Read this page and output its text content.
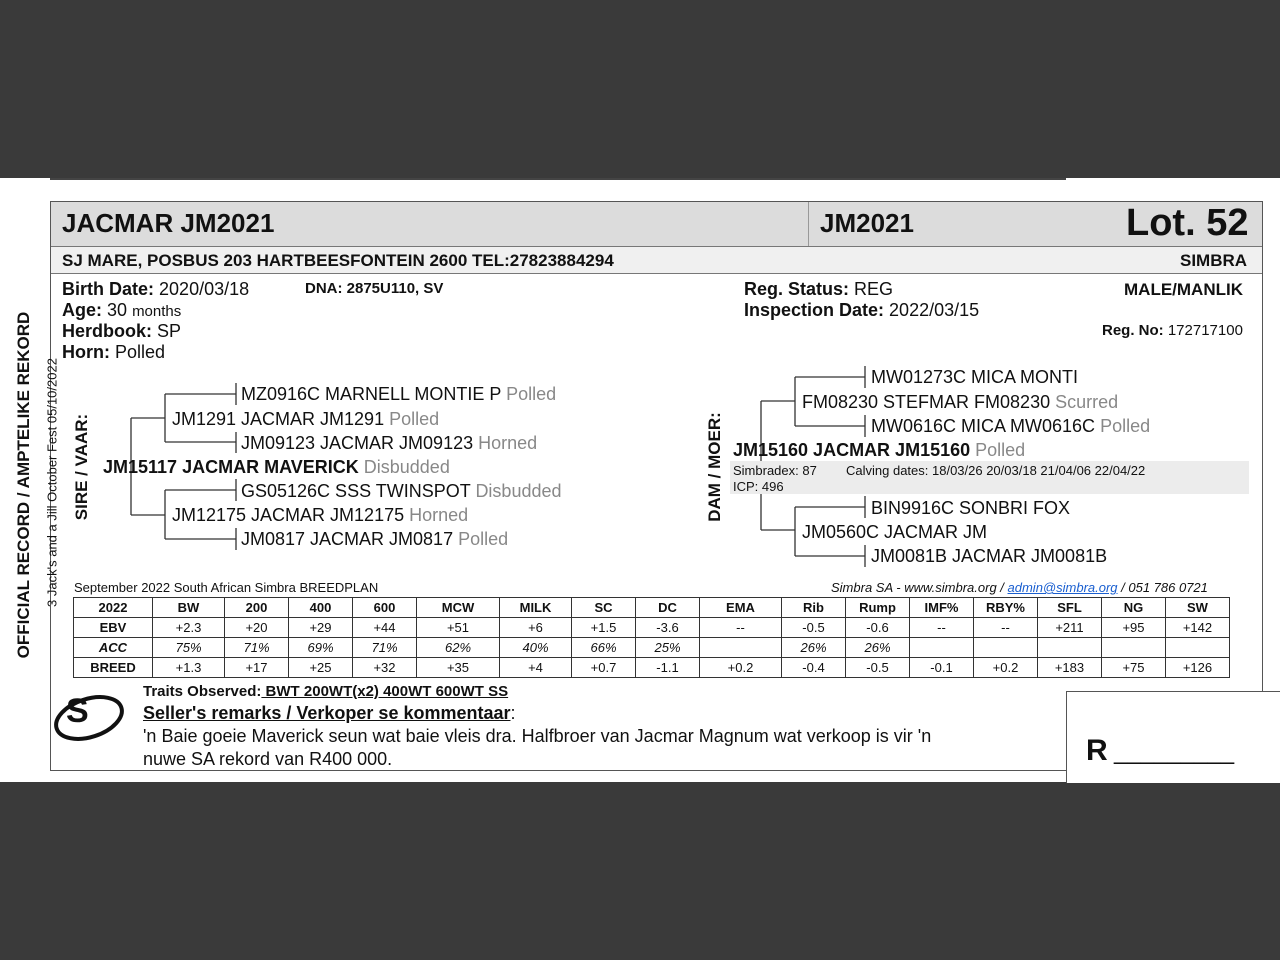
JACMAR JM2021	JM2021	Lot. 52
SJ MARE, POSBUS 203 HARTBEESFONTEIN 2600 TEL:27823884294	SIMBRA
Birth Date: 2020/03/18	DNA: 2875U110, SV
Age: 30 months
Herdbook: SP
Horn: Polled
Reg. Status: REG
Inspection Date: 2022/03/15
MALE/MANLIK
Reg. No: 172717100
OFFICIAL RECORD / AMPTELIKE REKORD 3 Jack's and a Jill October Fest 05/10/2022 SIRE / VAAR:	DAM / MOER:
MZ0916C MARNELL MONTIE P Polled
JM1291 JACMAR JM1291 Polled
JM09123 JACMAR JM09123 Horned
JM15117 JACMAR MAVERICK Disbudded
GS05126C SSS TWINSPOT Disbudded
JM12175 JACMAR JM12175 Horned
JM0817 JACMAR JM0817 Polled
MW01273C MICA MONTI
FM08230 STEFMAR FM08230 Scurred
MW0616C MICA MW0616C Polled
JM15160 JACMAR JM15160 Polled
Simbradex: 87 Calving dates: 18/03/26 20/03/18 21/04/06 22/04/22
ICP: 496
BIN9916C SONBRI FOX
JM0560C JACMAR JM
JM0081B JACMAR JM0081B
September 2022 South African Simbra BREEDPLAN	Simbra SA - www.simbra.org / admin@simbra.org / 051 786 0721
2022	BW	200	400	600	MCW	MILK	SC	DC	EMA	Rib	Rump	IMF%	RBY%	SFL	NG	SW
EBV	+2.3	+20	+29	+44	+51	+6	+1.5	-3.6	--	-0.5	-0.6	--	--	+211	+95	+142
ACC	75%	71%	69%	71%	62%	40%	66%	25%		26%	26%					
BREED	+1.3	+17	+25	+32	+35	+4	+0.7	-1.1	+0.2	-0.4	-0.5	-0.1	+0.2	+183	+75	+126
R _________
S
Traits Observed: BWT 200WT(x2) 400WT 600WT SS
Seller's remarks / Verkoper se kommentaar:
'n Baie goeie Maverick seun wat baie vleis dra. Halfbroer van Jacmar Magnum wat verkoop is vir 'n
nuwe SA rekord van R400 000.
